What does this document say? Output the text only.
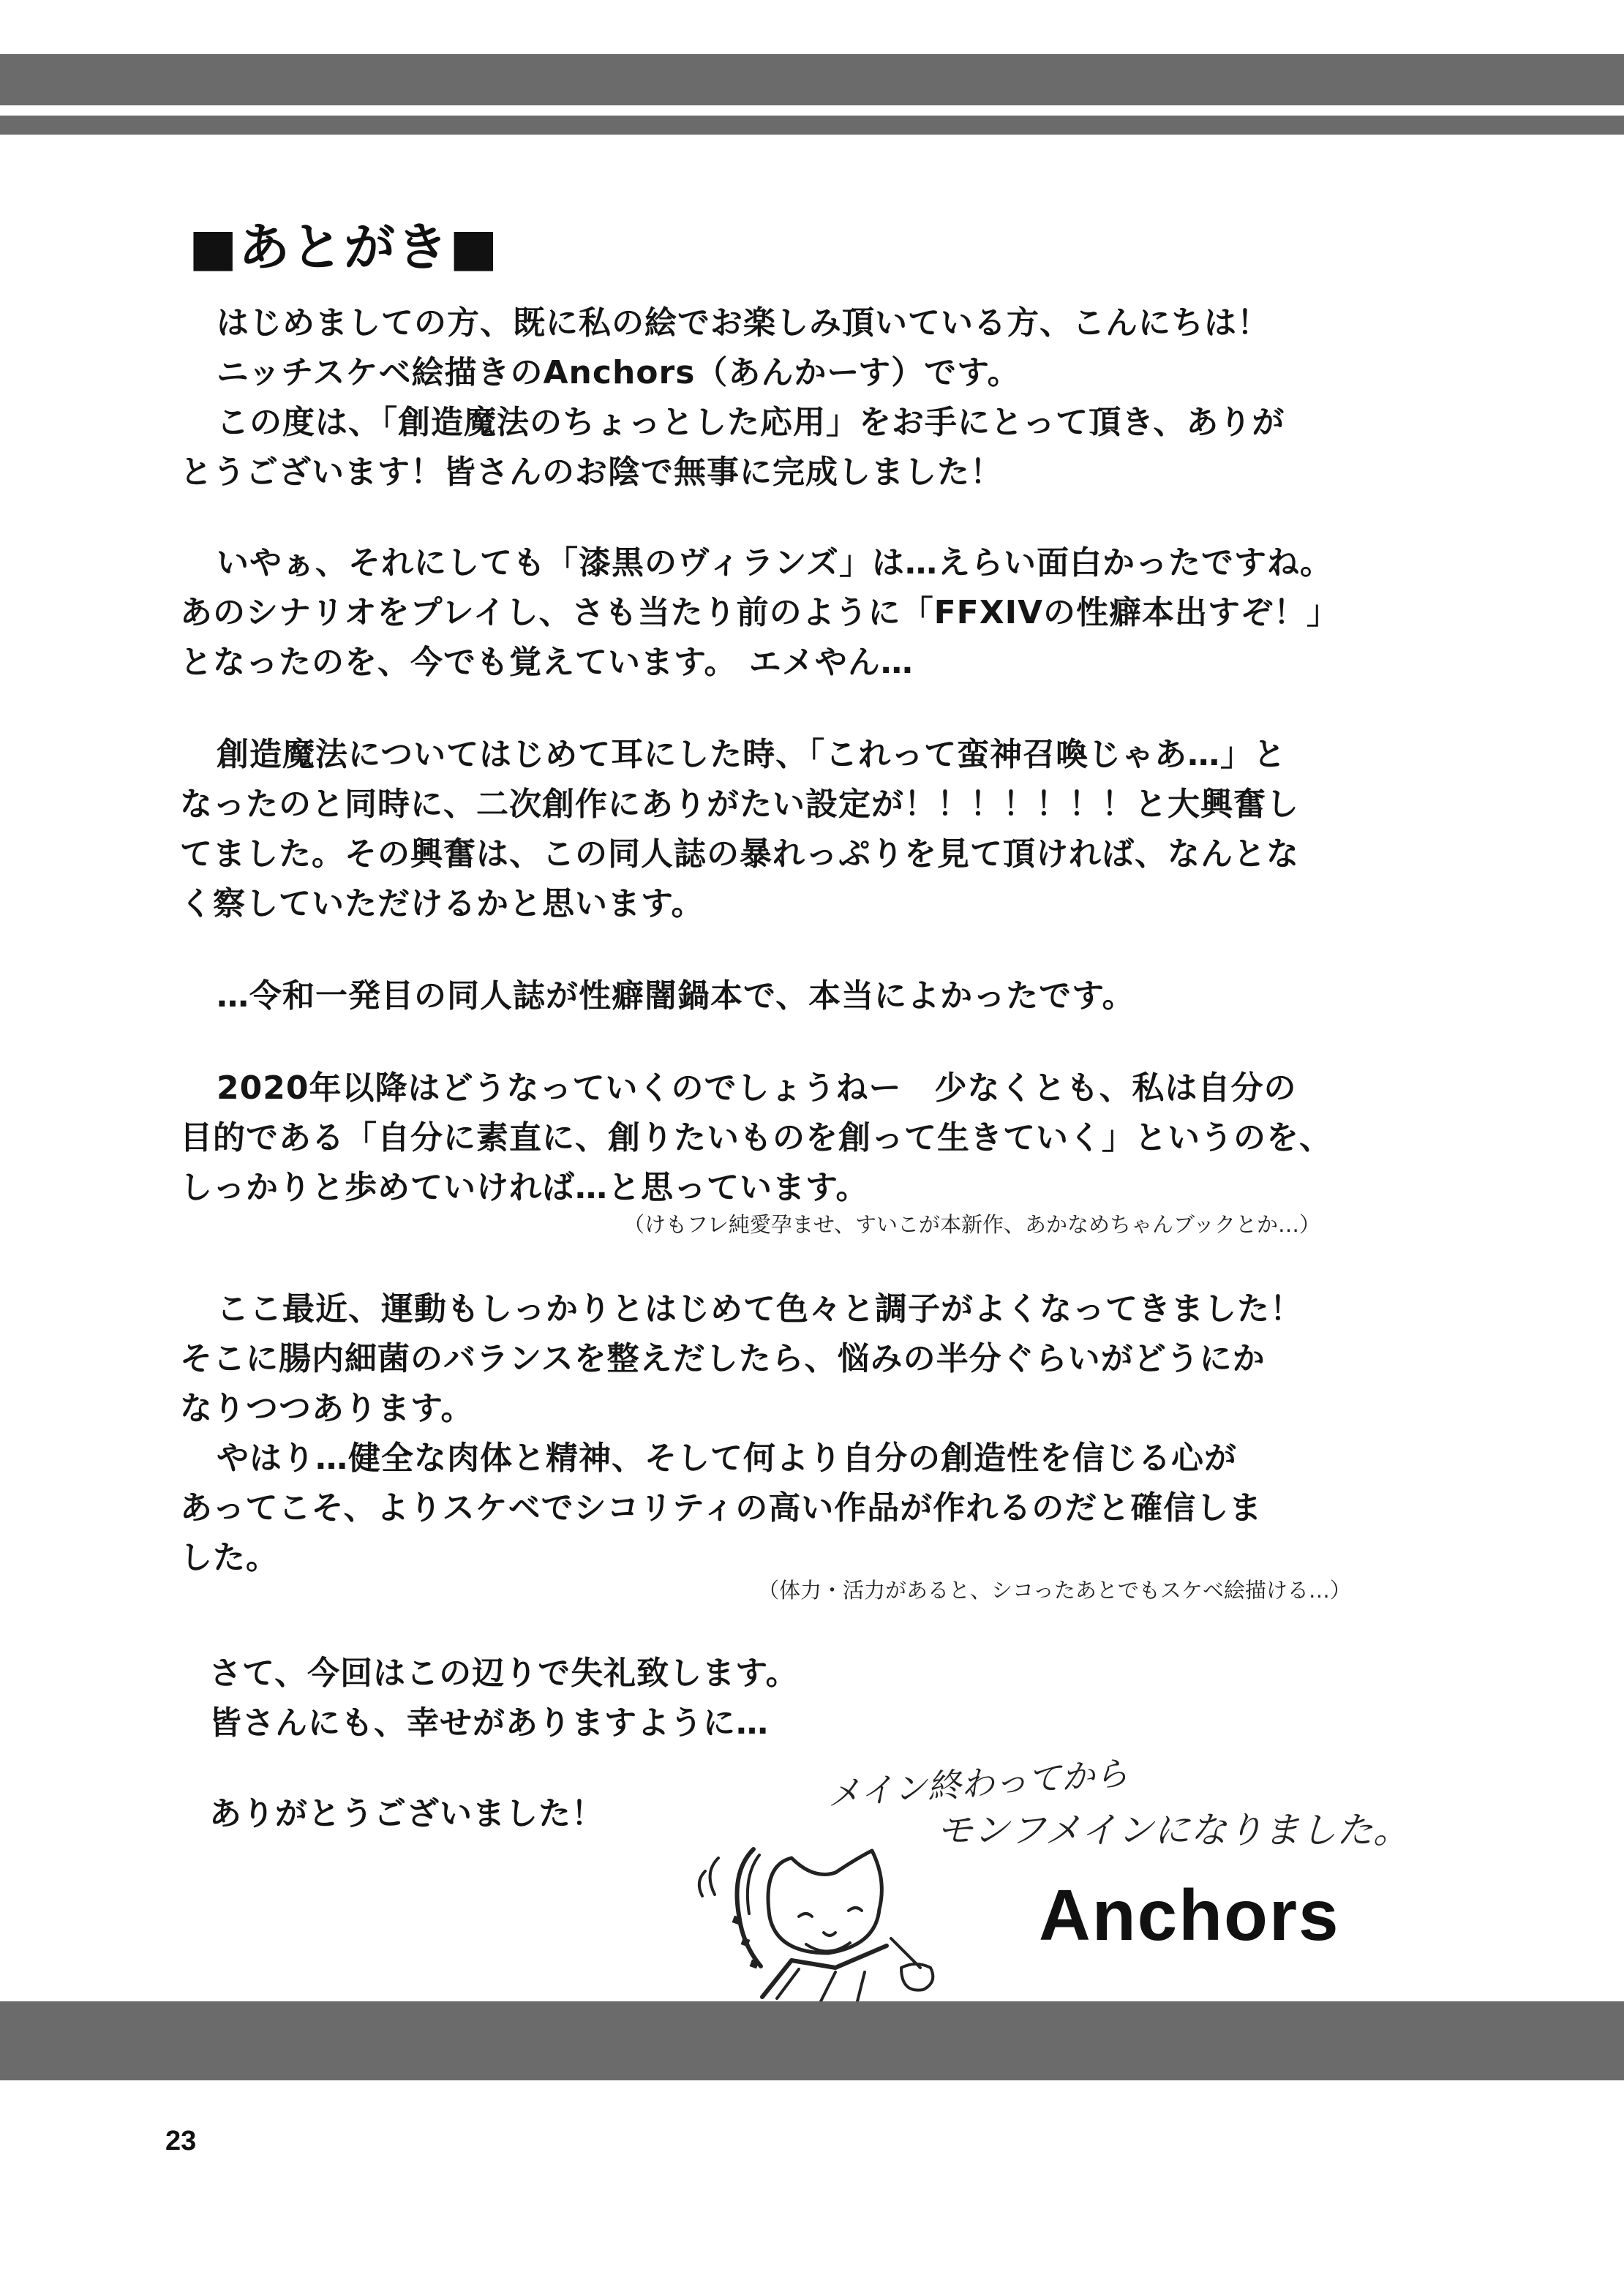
■あとがき■

はじめましての方、既に私の絵でお楽しみ頂いている方、こんにちは！

ニッチスケベ絵描きのAnchors（あんかーす）です。

この度は、「創造魔法のちょっとした応用」をお手にとって頂き、ありが

とうございます！皆さんのお陰で無事に完成しました！

いやぁ、それにしても「漆黒のヴィランズ」は…えらい面白かったですね。

あのシナリオをプレイし、さも当たり前のように「FFXIVの性癖本出すぞ！」

となったのを、今でも覚えています。 エメやん…

創造魔法についてはじめて耳にした時、「これって蛮神召喚じゃあ…」と

なったのと同時に、二次創作にありがたい設定が！！！！！！！と大興奮し

てました。その興奮は、この同人誌の暴れっぷりを見て頂ければ、なんとな

く察していただけるかと思います。

…令和一発目の同人誌が性癖闇鍋本で、本当によかったです。

2020年以降はどうなっていくのでしょうねー　少なくとも、私は自分の

目的である「自分に素直に、創りたいものを創って生きていく」というのを、

しっかりと歩めていければ…と思っています。

（けもフレ純愛孕ませ、すいこが本新作、あかなめちゃんブックとか…）

ここ最近、運動もしっかりとはじめて色々と調子がよくなってきました！

そこに腸内細菌のバランスを整えだしたら、悩みの半分ぐらいがどうにか

なりつつあります。

やはり…健全な肉体と精神、そして何より自分の創造性を信じる心が

あってこそ、よりスケベでシコリティの高い作品が作れるのだと確信しま

した。

（体力・活力があると、シコったあとでもスケベ絵描ける…）

さて、今回はこの辺りで失礼致します。

皆さんにも、幸せがありますように…

ありがとうございました！

メイン終わってから

モンフメインになりました。

Anchors

23
